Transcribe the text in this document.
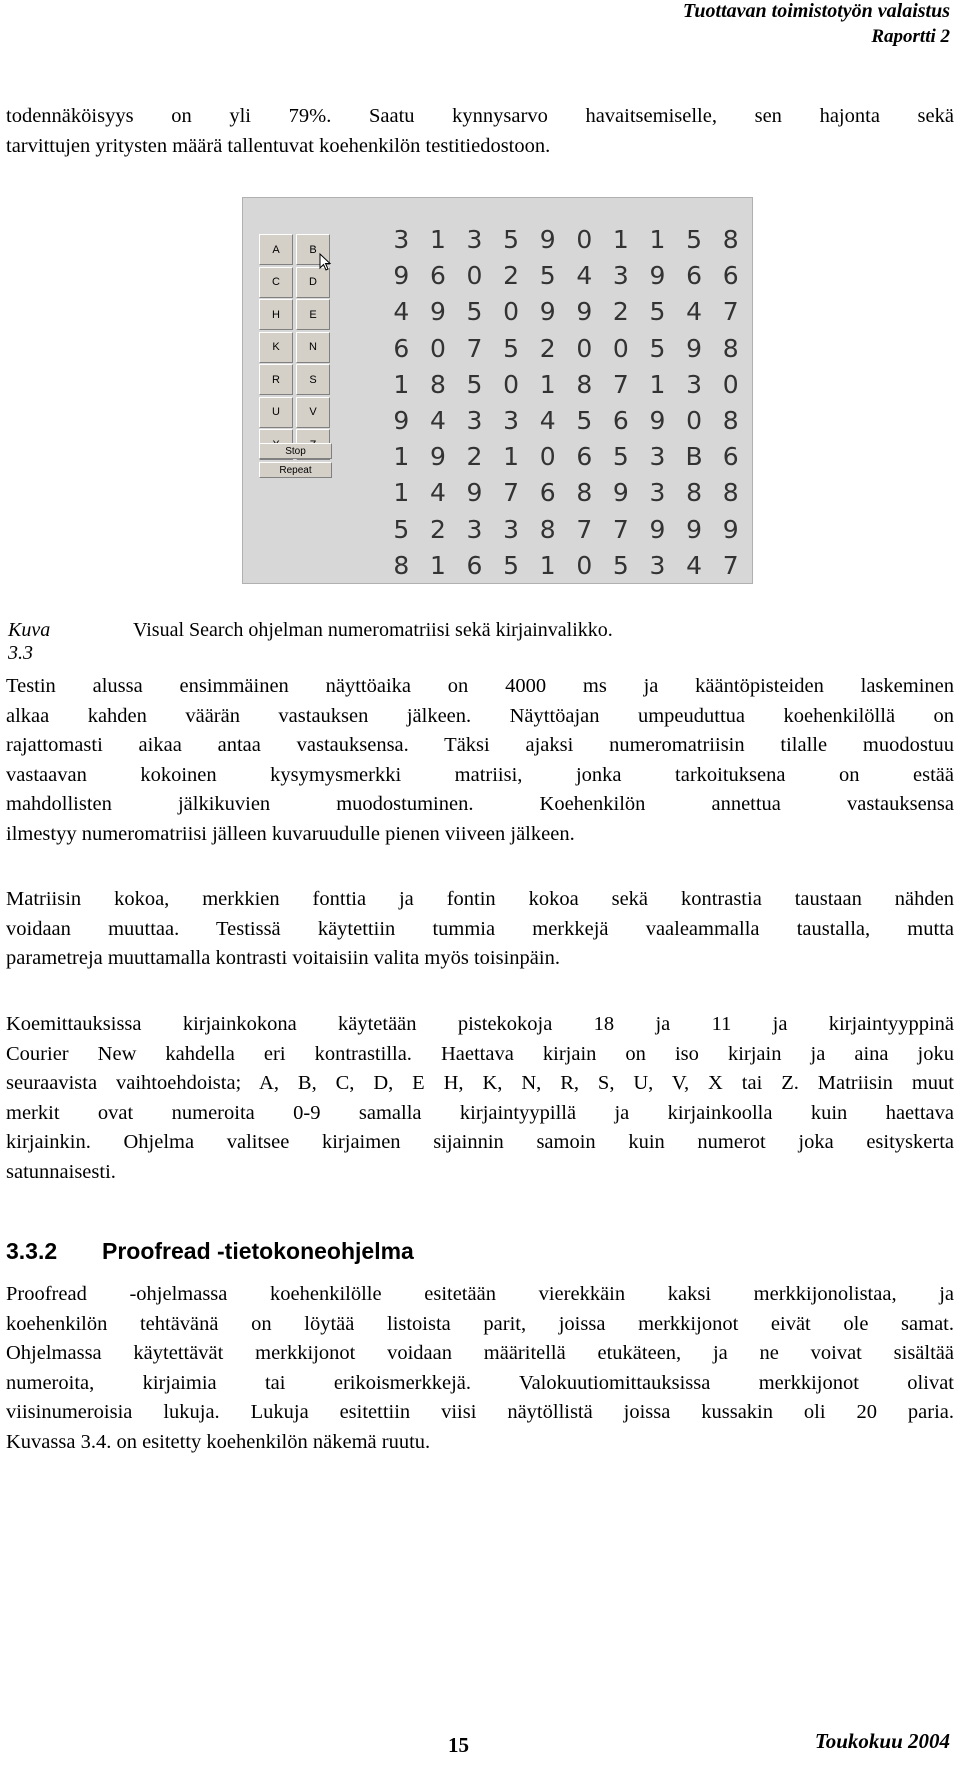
Tuottavan toimistotyön valaistus
Raportti 2
todennäköisyys on yli 79%. Saatu kynnysarvo havaitsemiselle, sen hajonta sekä
tarvittujen yritysten määrä tallentuvat koehenkilön testitiedostoon.
A	B
C	D
H	E
K	N
R	S
U	V
Stop
Repeat
3 1 3 5 9 0 1 1 5 8
9 6 0 2 5 4 3 9 6 6
4 9 5 0 9 9 2 5 4 7
6 0 7 5 2 0 0 5 9 8
1 8 5 0 1 8 7 1 3 0
9 4 3 3 4 5 6 9 0 8
1 9 2 1 0 6 5 3 B 6
1 4 9 7 6 8 9 3 8 8
5 2 3 3 8 7 7 9 9 9
8 1 6 5 1 0 5 3 4 7
Kuva 3.3
Visual Search ohjelman numeromatriisi sekä kirjainvalikko.
Testin alussa ensimmäinen näyttöaika on 4000 ms ja kääntöpisteiden laskeminen
alkaa kahden väärän vastauksen jälkeen. Näyttöajan umpeuduttua koehenkilöllä on
rajattomasti aikaa antaa vastauksensa. Täksi ajaksi numeromatriisin tilalle muodostuu
vastaavan kokoinen kysymysmerkki matriisi, jonka tarkoituksena on estää
mahdollisten jälkikuvien muodostuminen. Koehenkilön annettua vastauksensa
ilmestyy numeromatriisi jälleen kuvaruudulle pienen viiveen jälkeen.
Matriisin kokoa, merkkien fonttia ja fontin kokoa sekä kontrastia taustaan nähden
voidaan muuttaa. Testissä käytettiin tummia merkkejä vaaleammalla taustalla, mutta
parametreja muuttamalla kontrasti voitaisiin valita myös toisinpäin.
Koemittauksissa kirjainkokona käytetään pistekokoja 18 ja 11 ja kirjaintyyppinä
Courier New kahdella eri kontrastilla. Haettava kirjain on iso kirjain ja aina joku
seuraavista vaihtoehdoista; A, B, C, D, E H, K, N, R, S, U, V, X tai Z. Matriisin muut
merkit ovat numeroita 0-9 samalla kirjaintyypillä ja kirjainkoolla kuin haettava
kirjainkin. Ohjelma valitsee kirjaimen sijainnin samoin kuin numerot joka esityskerta
satunnaisesti.
3.3.2 Proofread -tietokoneohjelma
Proofread -ohjelmassa koehenkilölle esitetään vierekkäin kaksi merkkijonolistaa, ja
koehenkilön tehtävänä on löytää listoista parit, joissa merkkijonot eivät ole samat.
Ohjelmassa käytettävät merkkijonot voidaan määritellä etukäteen, ja ne voivat sisältää
numeroita, kirjaimia tai erikoismerkkejä. Valokuutiomittauksissa merkkijonot olivat
viisinumeroisia lukuja. Lukuja esitettiin viisi näytöllistä joissa kussakin oli 20 paria.
Kuvassa 3.4. on esitetty koehenkilön näkemä ruutu.
15	Toukokuu 2004
